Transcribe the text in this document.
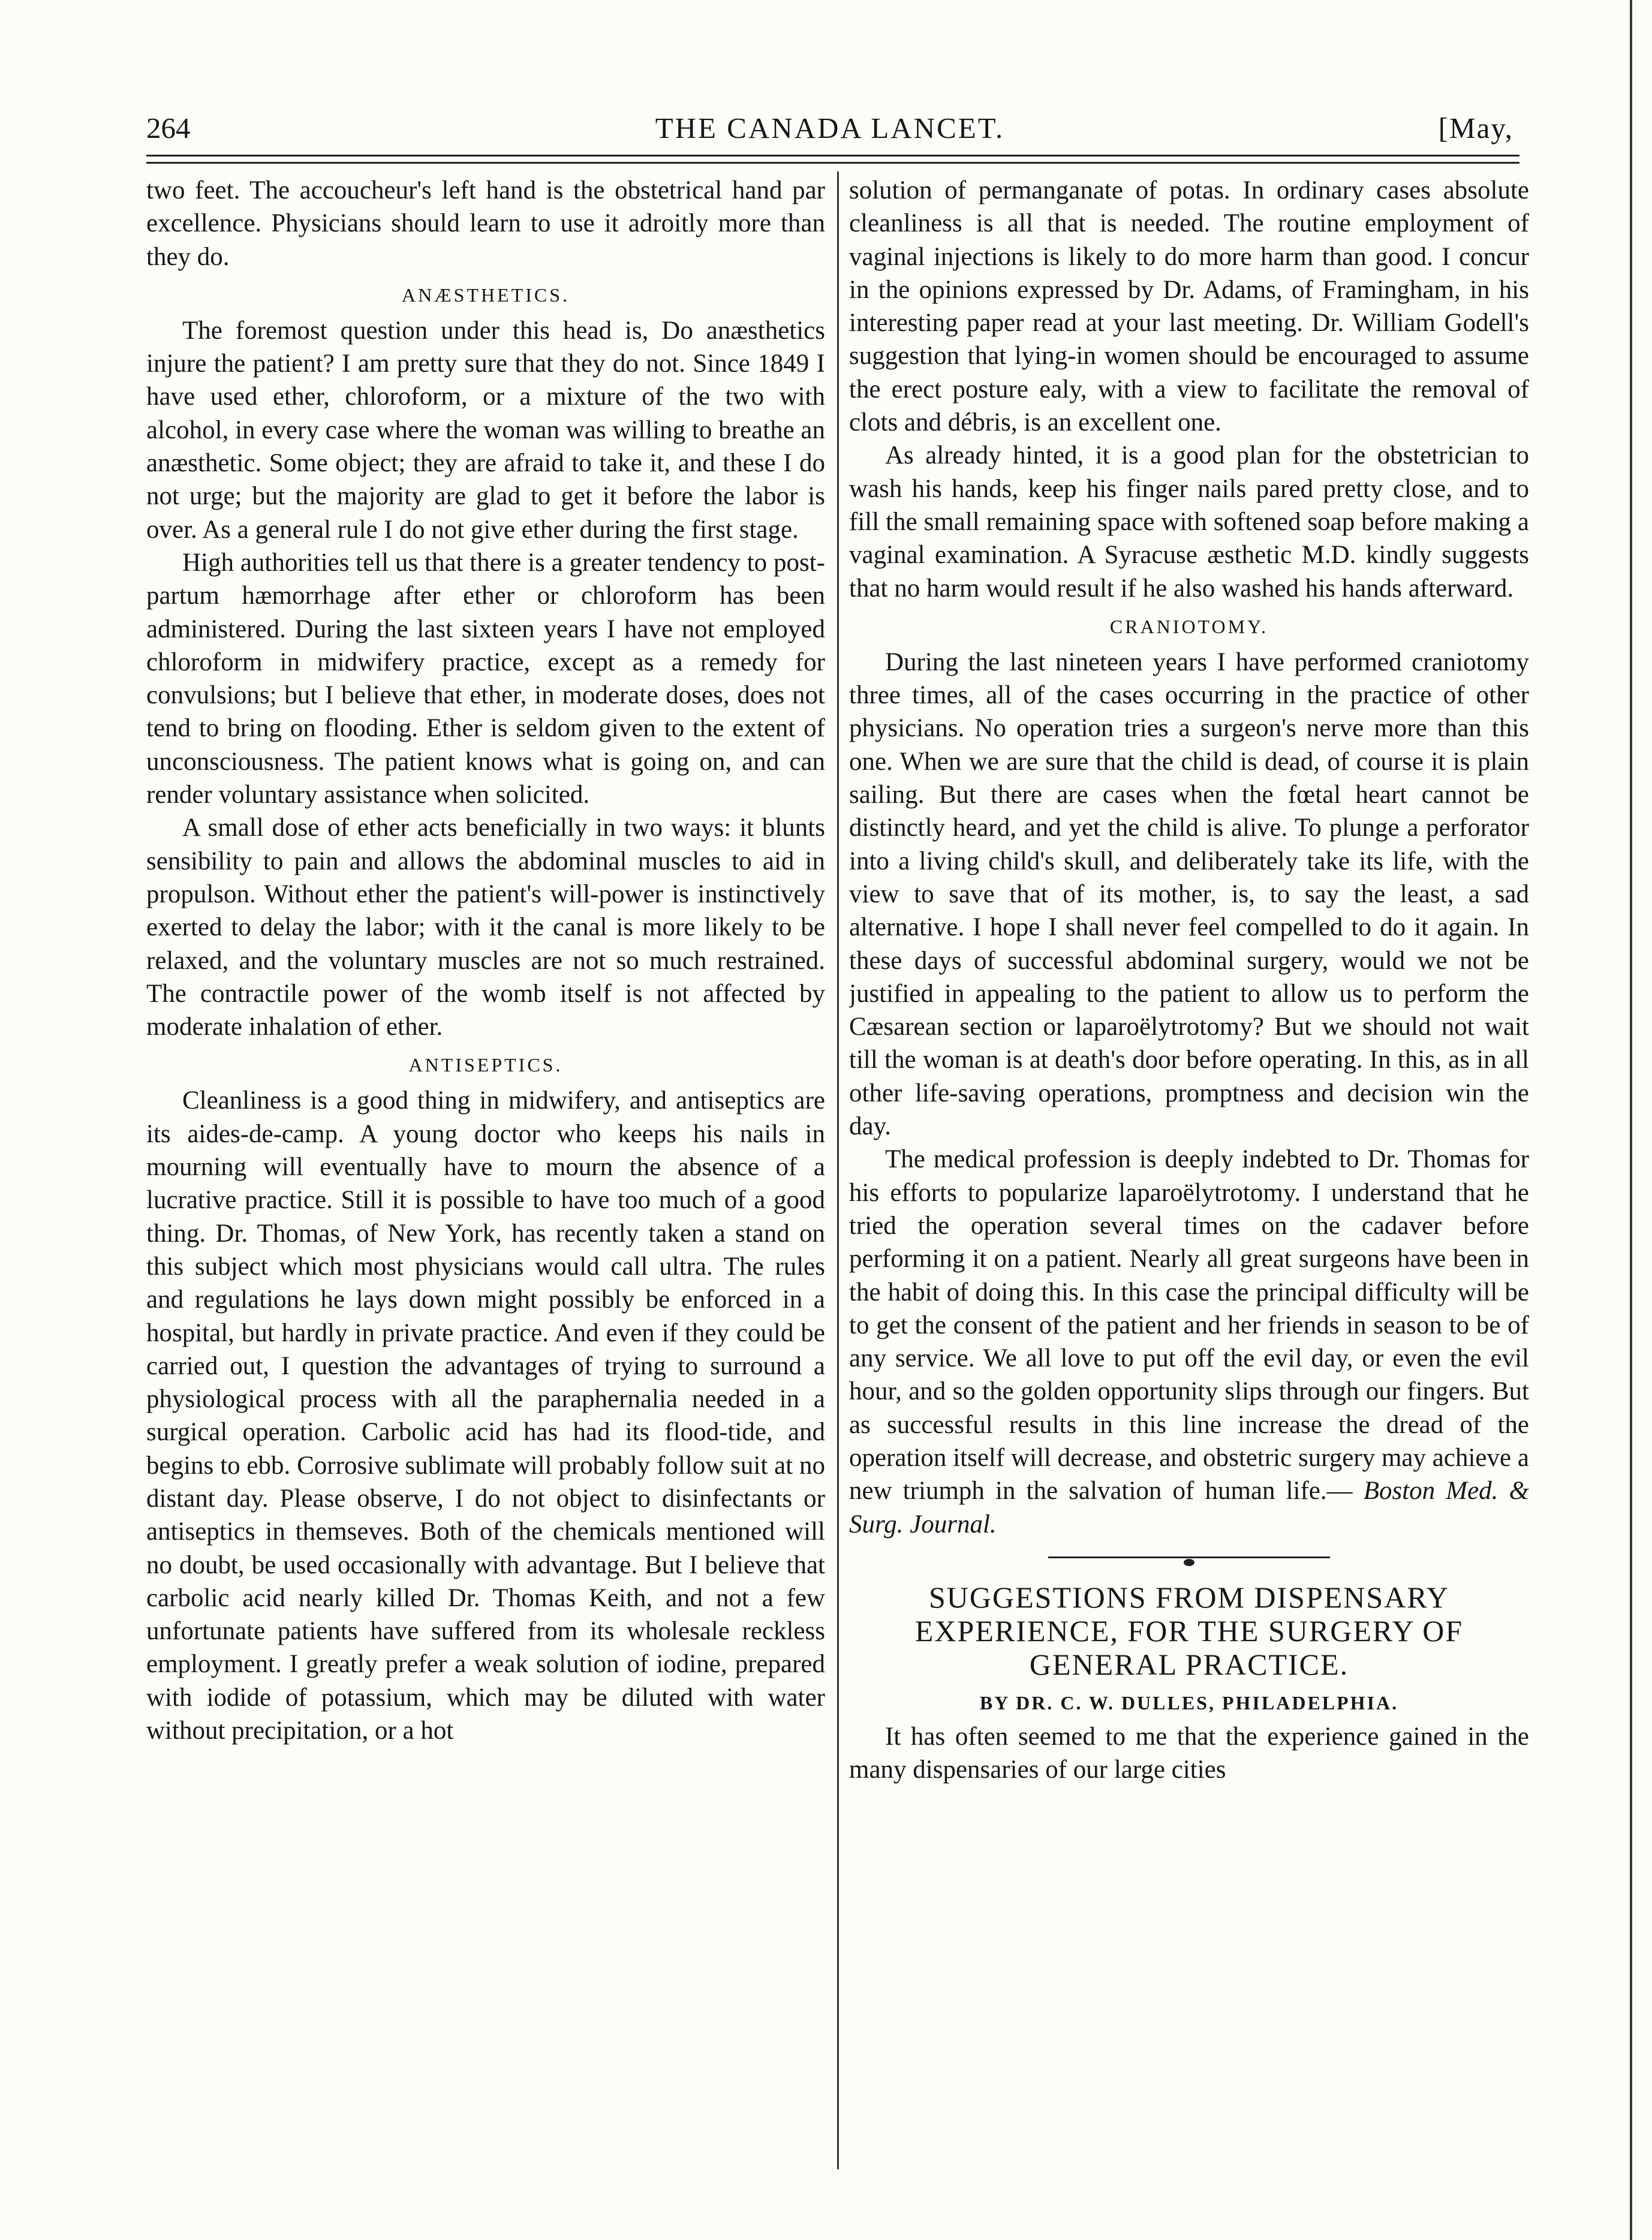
264	THE CANADA LANCET.	[May,

two feet. The accoucheur's left hand is the obstetrical hand par excellence. Physicians should learn to use it adroitly more than they do.

ANÆSTHETICS.

The foremost question under this head is, Do anæsthetics injure the patient? I am pretty sure that they do not. Since 1849 I have used ether, chloroform, or a mixture of the two with alcohol, in every case where the woman was willing to breathe an anæsthetic. Some object; they are afraid to take it, and these I do not urge; but the majority are glad to get it before the labor is over. As a general rule I do not give ether during the first stage.

High authorities tell us that there is a greater tendency to post-partum hæmorrhage after ether or chloroform has been administered. During the last sixteen years I have not employed chloroform in midwifery practice, except as a remedy for convulsions; but I believe that ether, in moderate doses, does not tend to bring on flooding. Ether is seldom given to the extent of unconsciousness. The patient knows what is going on, and can render voluntary assistance when solicited.

A small dose of ether acts beneficially in two ways: it blunts sensibility to pain and allows the abdominal muscles to aid in propulson. Without ether the patient's will-power is instinctively exerted to delay the labor; with it the canal is more likely to be relaxed, and the voluntary muscles are not so much restrained. The contractile power of the womb itself is not affected by moderate inhalation of ether.

ANTISEPTICS.

Cleanliness is a good thing in midwifery, and antiseptics are its aides-de-camp. A young doctor who keeps his nails in mourning will eventually have to mourn the absence of a lucrative practice. Still it is possible to have too much of a good thing. Dr. Thomas, of New York, has recently taken a stand on this subject which most physicians would call ultra. The rules and regulations he lays down might possibly be enforced in a hospital, but hardly in private practice. And even if they could be carried out, I question the advantages of trying to surround a physiological process with all the paraphernalia needed in a surgical operation. Carbolic acid has had its flood-tide, and begins to ebb. Corrosive sublimate will probably follow suit at no distant day. Please observe, I do not object to disinfectants or antiseptics in themseves. Both of the chemicals mentioned will no doubt, be used occasionally with advantage. But I believe that carbolic acid nearly killed Dr. Thomas Keith, and not a few unfortunate patients have suffered from its wholesale reckless employment. I greatly prefer a weak solution of iodine, prepared with iodide of potassium, which may be diluted with water without precipitation, or a hot

solution of permanganate of potas. In ordinary cases absolute cleanliness is all that is needed. The routine employment of vaginal injections is likely to do more harm than good. I concur in the opinions expressed by Dr. Adams, of Framingham, in his interesting paper read at your last meeting. Dr. William Godell's suggestion that lying-in women should be encouraged to assume the erect posture ealy, with a view to facilitate the removal of clots and débris, is an excellent one.

As already hinted, it is a good plan for the obstetrician to wash his hands, keep his finger nails pared pretty close, and to fill the small remaining space with softened soap before making a vaginal examination. A Syracuse æsthetic M.D. kindly suggests that no harm would result if he also washed his hands afterward.

CRANIOTOMY.

During the last nineteen years I have performed craniotomy three times, all of the cases occurring in the practice of other physicians. No operation tries a surgeon's nerve more than this one. When we are sure that the child is dead, of course it is plain sailing. But there are cases when the fœtal heart cannot be distinctly heard, and yet the child is alive. To plunge a perforator into a living child's skull, and deliberately take its life, with the view to save that of its mother, is, to say the least, a sad alternative. I hope I shall never feel compelled to do it again. In these days of successful abdominal surgery, would we not be justified in appealing to the patient to allow us to perform the Cæsarean section or laparoëlytrotomy? But we should not wait till the woman is at death's door before operating. In this, as in all other life-saving operations, promptness and decision win the day.

The medical profession is deeply indebted to Dr. Thomas for his efforts to popularize laparoëlytrotomy. I understand that he tried the operation several times on the cadaver before performing it on a patient. Nearly all great surgeons have been in the habit of doing this. In this case the principal difficulty will be to get the consent of the patient and her friends in season to be of any service. We all love to put off the evil day, or even the evil hour, and so the golden opportunity slips through our fingers. But as successful results in this line increase the dread of the operation itself will decrease, and obstetric surgery may achieve a new triumph in the salvation of human life.— Boston Med. & Surg. Journal.

SUGGESTIONS FROM DISPENSARY EXPERIENCE, FOR THE SURGERY OF GENERAL PRACTICE.
BY DR. C. W. DULLES, PHILADELPHIA.

It has often seemed to me that the experience gained in the many dispensaries of our large cities
